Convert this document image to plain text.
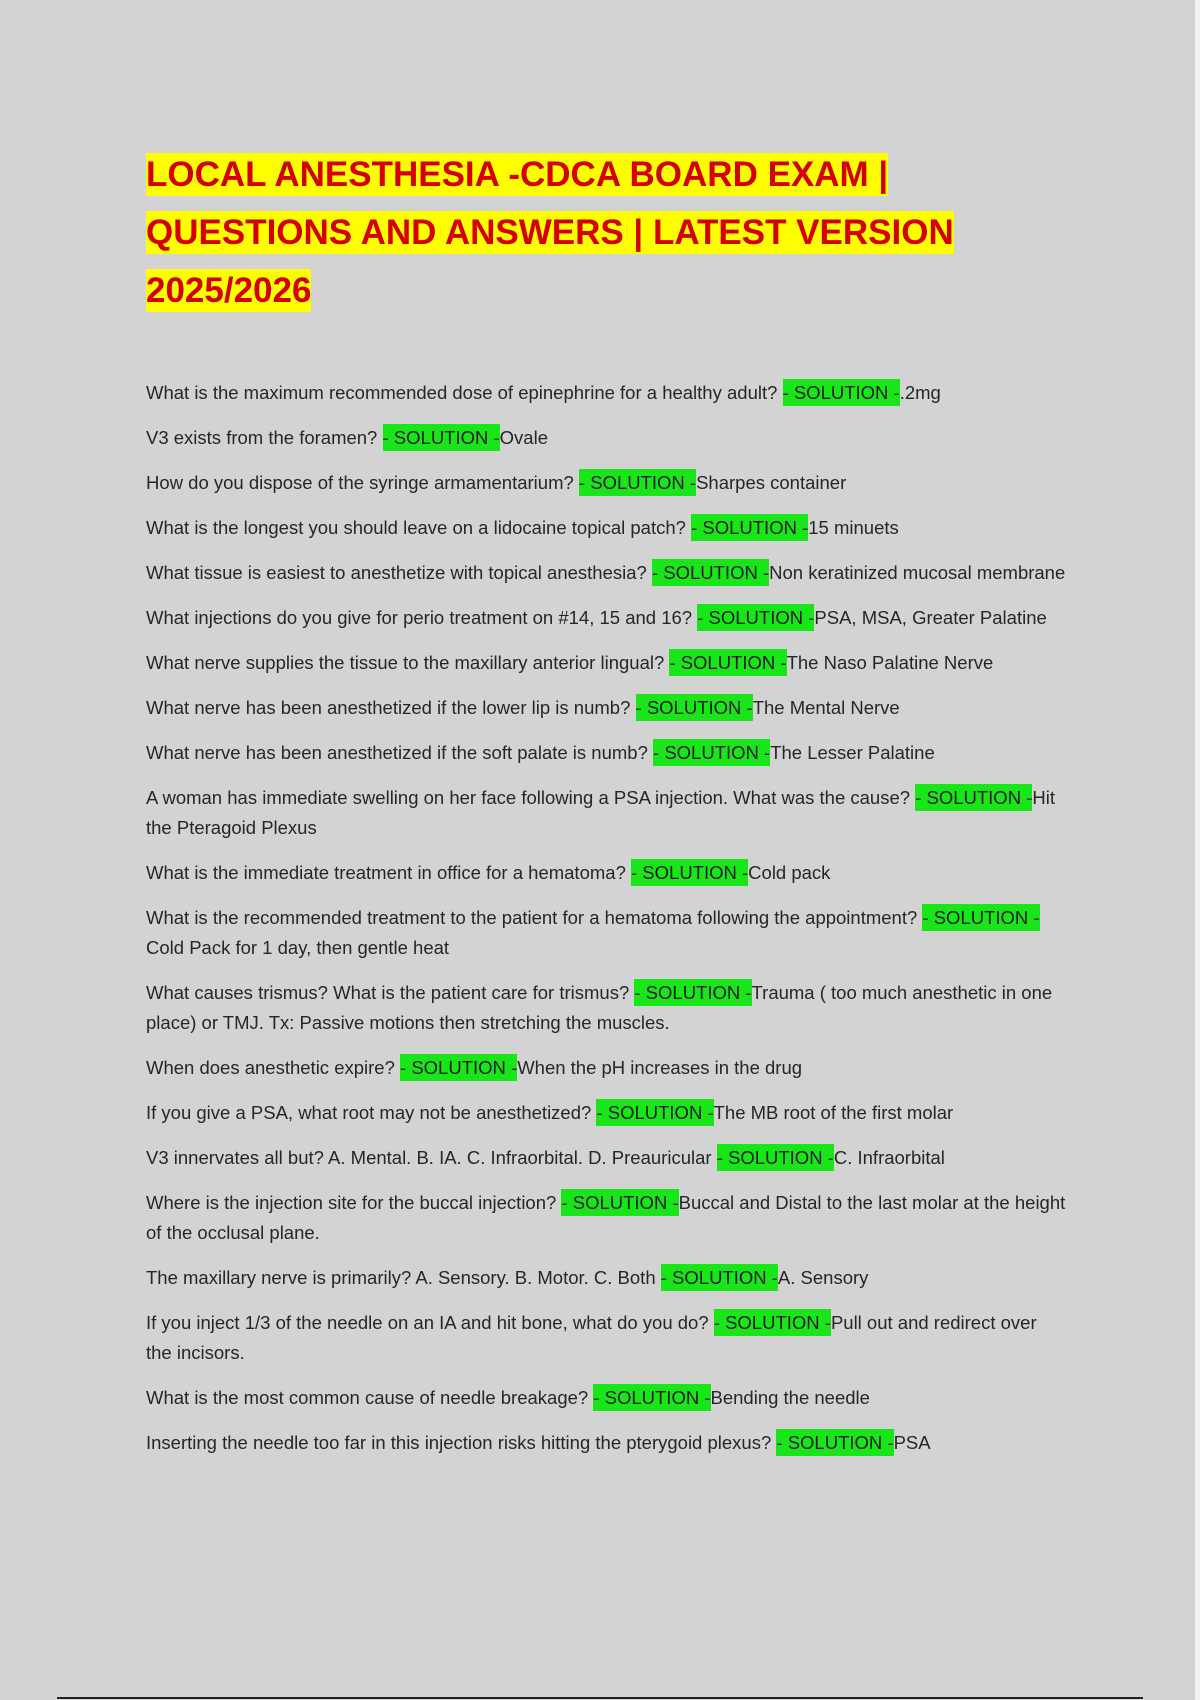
LOCAL ANESTHESIA -CDCA BOARD EXAM |
QUESTIONS AND ANSWERS | LATEST VERSION
2025/2026
What is the maximum recommended dose of epinephrine for a healthy adult? - SOLUTION -.2mg
V3 exists from the foramen? - SOLUTION -Ovale
How do you dispose of the syringe armamentarium? - SOLUTION -Sharpes container
What is the longest you should leave on a lidocaine topical patch? - SOLUTION -15 minuets
What tissue is easiest to anesthetize with topical anesthesia? - SOLUTION -Non keratinized mucosal membrane
What injections do you give for perio treatment on #14, 15 and 16? - SOLUTION -PSA, MSA, Greater Palatine
What nerve supplies the tissue to the maxillary anterior lingual? - SOLUTION -The Naso Palatine Nerve
What nerve has been anesthetized if the lower lip is numb? - SOLUTION -The Mental Nerve
What nerve has been anesthetized if the soft palate is numb? - SOLUTION -The Lesser Palatine
A woman has immediate swelling on her face following a PSA injection. What was the cause? - SOLUTION -Hit the Pteragoid Plexus
What is the immediate treatment in office for a hematoma? - SOLUTION -Cold pack
What is the recommended treatment to the patient for a hematoma following the appointment? - SOLUTION -Cold Pack for 1 day, then gentle heat
What causes trismus? What is the patient care for trismus? - SOLUTION -Trauma ( too much anesthetic in one place) or TMJ. Tx: Passive motions then stretching the muscles.
When does anesthetic expire? - SOLUTION -When the pH increases in the drug
If you give a PSA, what root may not be anesthetized? - SOLUTION -The MB root of the first molar
V3 innervates all but? A. Mental. B. IA. C. Infraorbital. D. Preauricular - SOLUTION -C. Infraorbital
Where is the injection site for the buccal injection? - SOLUTION -Buccal and Distal to the last molar at the height of the occlusal plane.
The maxillary nerve is primarily? A. Sensory. B. Motor. C. Both - SOLUTION -A. Sensory
If you inject 1/3 of the needle on an IA and hit bone, what do you do? - SOLUTION -Pull out and redirect over the incisors.
What is the most common cause of needle breakage? - SOLUTION -Bending the needle
Inserting the needle too far in this injection risks hitting the pterygoid plexus? - SOLUTION -PSA
